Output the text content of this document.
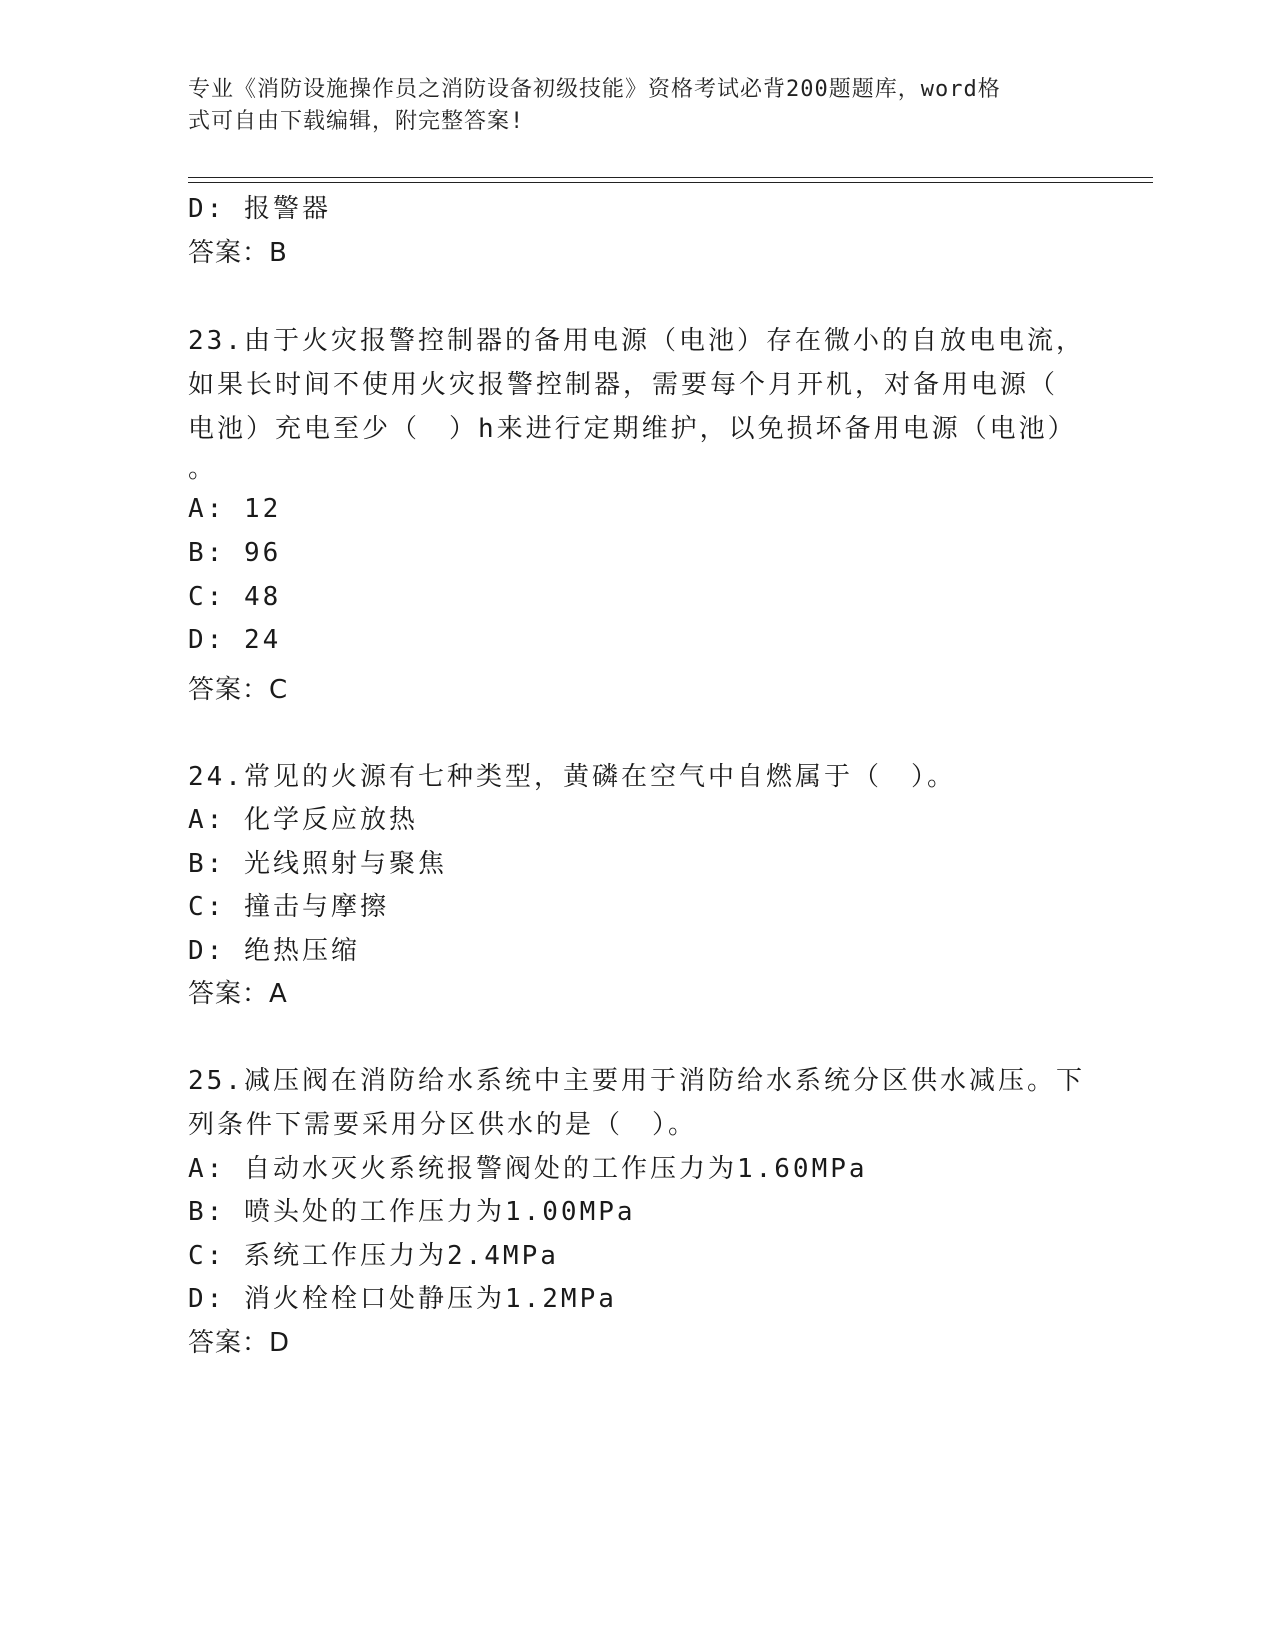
专业《消防设施操作员之消防设备初级技能》资格考试必背200题题库，word格
式可自由下载编辑，附完整答案!
D: 报警器
答案：B
23.由于火灾报警控制器的备用电源（电池）存在微小的自放电电流，
如果长时间不使用火灾报警控制器，需要每个月开机，对备用电源（
电池）充电至少（　）h来进行定期维护，以免损坏备用电源（电池）
。
A: 12
B: 96
C: 48
D: 24
答案：C
24.常见的火源有七种类型，黄磷在空气中自燃属于（　）。
A: 化学反应放热
B: 光线照射与聚焦
C: 撞击与摩擦
D: 绝热压缩
答案：A
25.减压阀在消防给水系统中主要用于消防给水系统分区供水减压。下
列条件下需要采用分区供水的是（　）。
A: 自动水灭火系统报警阀处的工作压力为1.60MPa
B: 喷头处的工作压力为1.00MPa
C: 系统工作压力为2.4MPa
D: 消火栓栓口处静压为1.2MPa
答案：D
